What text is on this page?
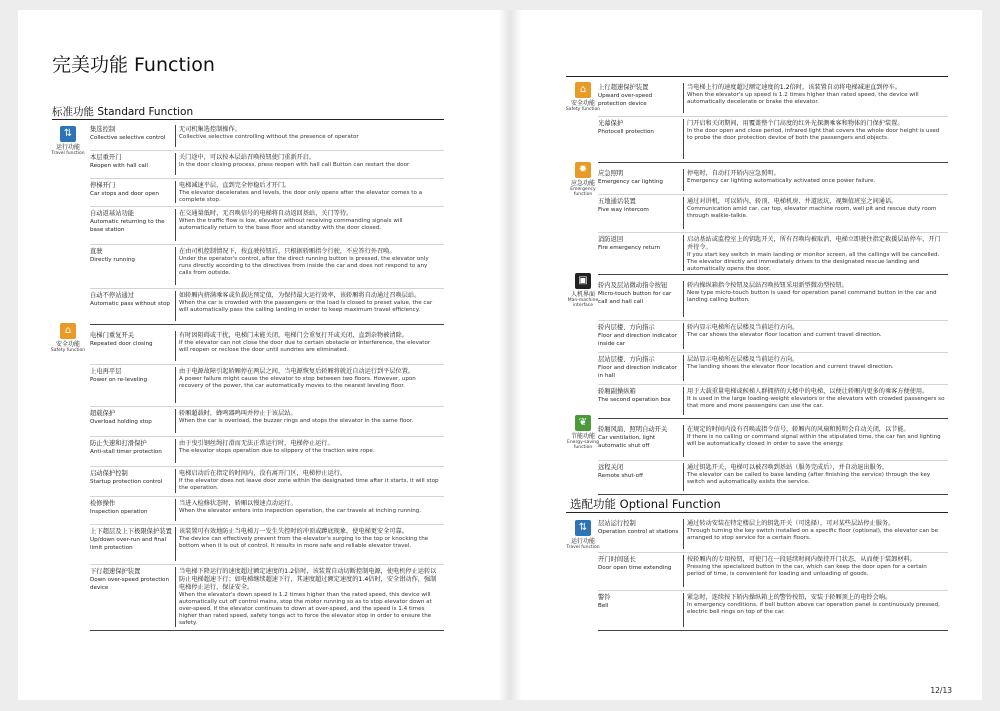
完美功能 Function
标准功能 Standard Function
⇅
运行功能
Travel function
⌂
安全功能
Safety function
集选控制
Collective selective control
无司机集选控制操作。
Collective selective controlling without the presence of operator
本层重开门
Reopen with hall call
关门途中，可以按本层站召唤按钮使门重新开启。
In the door closing process, press reopen with hall call Button can restart the door
停梯开门
Car stops and door open
电梯减速平层，直到完全停稳后才开门。
The elevator decelerates and levels, the door only opens after the elevator comes to a complete stop.
自动返基站功能
Automatic returning to the base station
在交通量低时，无召唤信号的电梯将自动返回基站，关门等待。
When the traffic flow is low, elevator without receiving commanding signals will automatically return to the base floor and standby with the door closed.
直驶
Directly running
在由司机控制情况下，按直驶按钮后，只根据轿厢指令行驶，不应答行外召唤。
Under the operator's control, after the direct running button is pressed, the elevator only runs directly according to the directives from inside the car and does not respond to any calls from outside.
自动不停站通过
Automatic pass without stop
如轿厢内挤满乘客或负载达预定值，为保持最大运行效率，该轿厢将自动通过召唤层站。
When the car is crowded with the passengers or the load is closed to preset value, the car will automatically pass the calling landing in order to keep maximum travel efficiency.
电梯门重复开关
Repeated door closing
有时因阻碍或干扰，电梯门未能关闭，电梯门会重复打开或关闭，直到杂物被清除。
If the elevator can not close the door due to certain obstacle or interference, the elevator will reopen or reclose the door until sundries are eliminated.
上电再平层
Power on re-leveling
由于电源故障引起轿厢停在两层之间，当电源恢复后轿厢将就近自动运行到平层位置。
A power failure might cause the elevator to stop between two floors. However, upon recovery of the power, the car automatically moves to the nearest leveling floor.
超载保护
Overload holding stop
轿厢超载时，蜂鸣器鸣叫并停止于该层站。
When the car is overload, the buzzer rings and stops the elevator in the same floor.
防止失速和打滑保护
Anti-stall timer protection
由于曳引钢丝绳打滑而无法正常运行时，电梯停止运行。
The elevator stops operation due to slippery of the traction wire rope.
启动保护控制
Startup protection control
电梯启动后在指定的时间内，没有离开门区，电梯停止运行。
If the elevator does not leave door zone within the designated time after it starts, it will stop the operation.
检修操作
Inspection operation
当进入检修状态时，轿厢以慢速点动运行。
When the elevator enters into inspection operation, the car travels at inching running.
上下超层及上下极限保护装置
Up/down over-run and final limit protection
该装置可有效地防止当电梯万一发生失控时的冲顶或蹲底现象，使电梯更安全可靠。
The device can effectively prevent from the elevator's surging to the top or knocking the bottom when it is out of control. It results in more safe and reliable elevator travel.
下行超速保护装置
Down over-speed protection device
当电梯下降运行的速度超过额定速度的1.2倍时，该装置自动切断控制电源，使电机停止运转以防止电梯超速下行；如电梯继续超速下行，其速度超过额定速度的1.4倍时，安全钳动作，强制电梯停止运行，保证安全。
When the elevator's down speed is 1.2 times higher than the rated speed, this device will automatically cut off control mains, stop the motor running so as to stop elevator down at over-speed. If the elevator continues to down at over-speed, and the speed is 1.4 times higher than rated speed, safety tongs act to force the elevator stop in order to ensure the safety.
⌂
安全功能
Safety function
✹
应急功能
Emergency function
▣
人机界面
Man-machine interface
❦
节能功能
Energy-saving function
上行超速保护装置
Upward over-speed protection device
当电梯上行的速度超过额定速度的1.2倍时，该装置自动将电梯减速直到停车。
When the elevator's up speed is 1.2 times higher than rated speed, the device will automatically decelerate or brake the elevator.
光幕保护
Photocell protection
门开启和关闭期间，用覆盖整个门高度的红外光探测乘客和物体的门保护装置。
In the door open and close period, infrared light that covers the whole door height is used to probe the door protection device of both the passengers and objects.
应急照明
Emergency car lighting
停电时，自动打开轿内应急照明。
Emergency car lighting automatically activated once power failure.
五地通话装置
Five way intercom
通过对讲机，可以轿内、轿顶、电梯机房、井道底坑、视频值班室之间通话。
Communication amid car, car top, elevator machine room, well pit and rescue duty room through walkie-talkie.
消防返回
Fire emergency return
启动基站或监控室上的钥匙开关，所有召唤均被取消，电梯立即驶往指定救援层站停车，开门并待令。
If you start key switch in main landing or monitor screen, all the callings will be cancelled. The elevator directly and immediately drives to the designated rescue landing and automatically opens the door.
轿内及层站微动指令按钮
Micro-touch button for car call and hall call
轿内操纵箱指令按钮及层站召唤按钮采用新型微动型按钮。
New type micro-touch button is used for operation panel command button in the car and landing calling button.
轿内层楼、方向指示
Floor and direction indicator inside car
轿内显示电梯所在层楼及当前运行方向。
The car shows the elevator floor location and current travel direction.
层站层楼、方向指示
Floor and direction indicator in hall
层站显示电梯所在层楼及当前运行方向。
The landing shows the elevator floor location and current travel direction.
轿厢副操纵箱
The second operation box
用于大载重量电梯或候梯人群拥挤的大楼中的电梯，以便让轿厢内更多的乘客方便使用。
It is used in the large loading-weight elevators or the elevators with crowded passengers so that more and more passengers can use the car.
轿厢风扇、照明自动开关
Car ventilation, light automatic shut off
在规定的时间内没有召唤或指令信号，轿厢内的风扇和照明会自动关闭，以节能。
If there is no calling or command signal within the stipulated time, the car fan and lighting will be automatically closed in order to save the energy.
远程关闭
Remote shut-off
通过钥匙开关，电梯可以被召唤到基站（服务完成后），并自动退出服务。
The elevator can be called to base landing (after finishing the service) through the key switch and automatically exists the service.
选配功能 Optional Function
⇅
运行功能
Travel function
层站运行控制
Operation control at stations
通过转动安装在特定楼层上的钥匙开关（可选择），可对某些层站停止服务。
Through turning the key switch installed on a specific floor (optional), the elevator can be arranged to stop service for a certain floors.
开门时间延长
Door open time extending
按轿厢内的专用按钮，可使门在一段延续时间内保持开门状态，从而便于装卸材料。
Pressing the specialized button in the car, which can keep the door open for a certain period of time, is convenient for loading and unloading of goods.
警铃
Bell
紧急时，连续按下轿内操纵箱上的警铃按钮，安装于轿厢顶上的电铃会响。
In emergency conditions, if bell button above car operation panel is continuously pressed, electric bell rings on top of the car.
12/13
